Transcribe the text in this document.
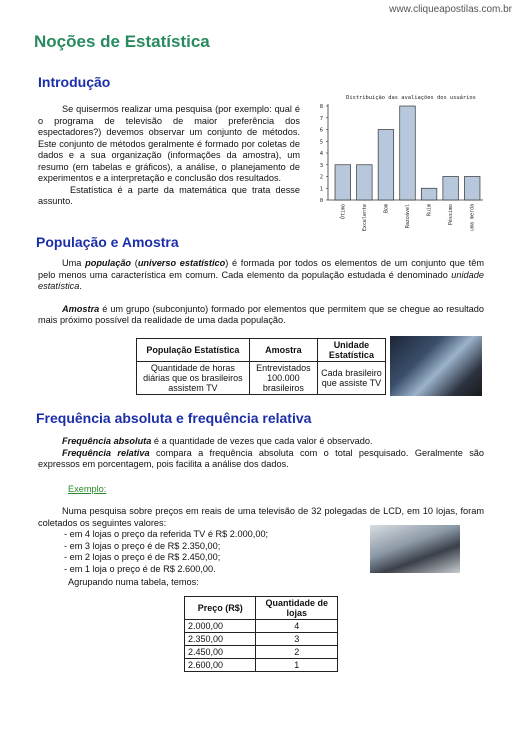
www.cliqueapostilas.com.br
Noções de Estatística
Introdução

Se quisermos realizar uma pesquisa (por exemplo: qual é o programa de televisão de maior preferência dos espectadores?) devemos observar um conjunto de métodos. Este conjunto de métodos geralmente é formado por coletas de dados e a sua organização (informações da amostra), um resumo (em tabelas e gráficos), a análise, o planejamento de experimentos e a interpretação e conclusão dos resultados.

Estatística é a parte da matemática que trata desse assunto.

Distribuição das avaliações dos usuários
0
1
2
3
4
5
6
7
8
Ótimo	Excelente	Bom	Razoável	Ruim	Péssimo	uma merda
População e Amostra

Uma população (universo estatístico) é formada por todos os elementos de um conjunto que têm pelo menos uma característica em comum. Cada elemento da população estudada é denominado unidade estatística.

Amostra é um grupo (subconjunto) formado por elementos que permitem que se chegue ao resultado mais próximo possível da realidade de uma dada população.

População Estatística	Amostra	Unidade Estatística
Quantidade de horas diárias que os brasileiros assistem TV	Entrevistados 100.000 brasileiros	Cada brasileiro que assiste TV
Frequência absoluta e frequência relativa

Frequência absoluta é a quantidade de vezes que cada valor é observado.

Frequência relativa compara a frequência absoluta com o total pesquisado. Geralmente são expressos em porcentagem, pois facilita a análise dos dados.

Exemplo:

Numa pesquisa sobre preços em reais de uma televisão de 32 polegadas de LCD, em 10 lojas, foram coletados os seguintes valores:

- em 4 lojas o preço da referida TV é R$ 2.000,00;

- em 3 lojas o preço é de R$ 2.350,00;

- em 2 lojas o preço é de R$ 2.450,00;

- em 1 loja o preço é de R$ 2.600,00.

Agrupando numa tabela, temos:
Preço (R$)	Quantidade de lojas
2.000,00	4
2.350,00	3
2.450,00	2
2.600,00	1
